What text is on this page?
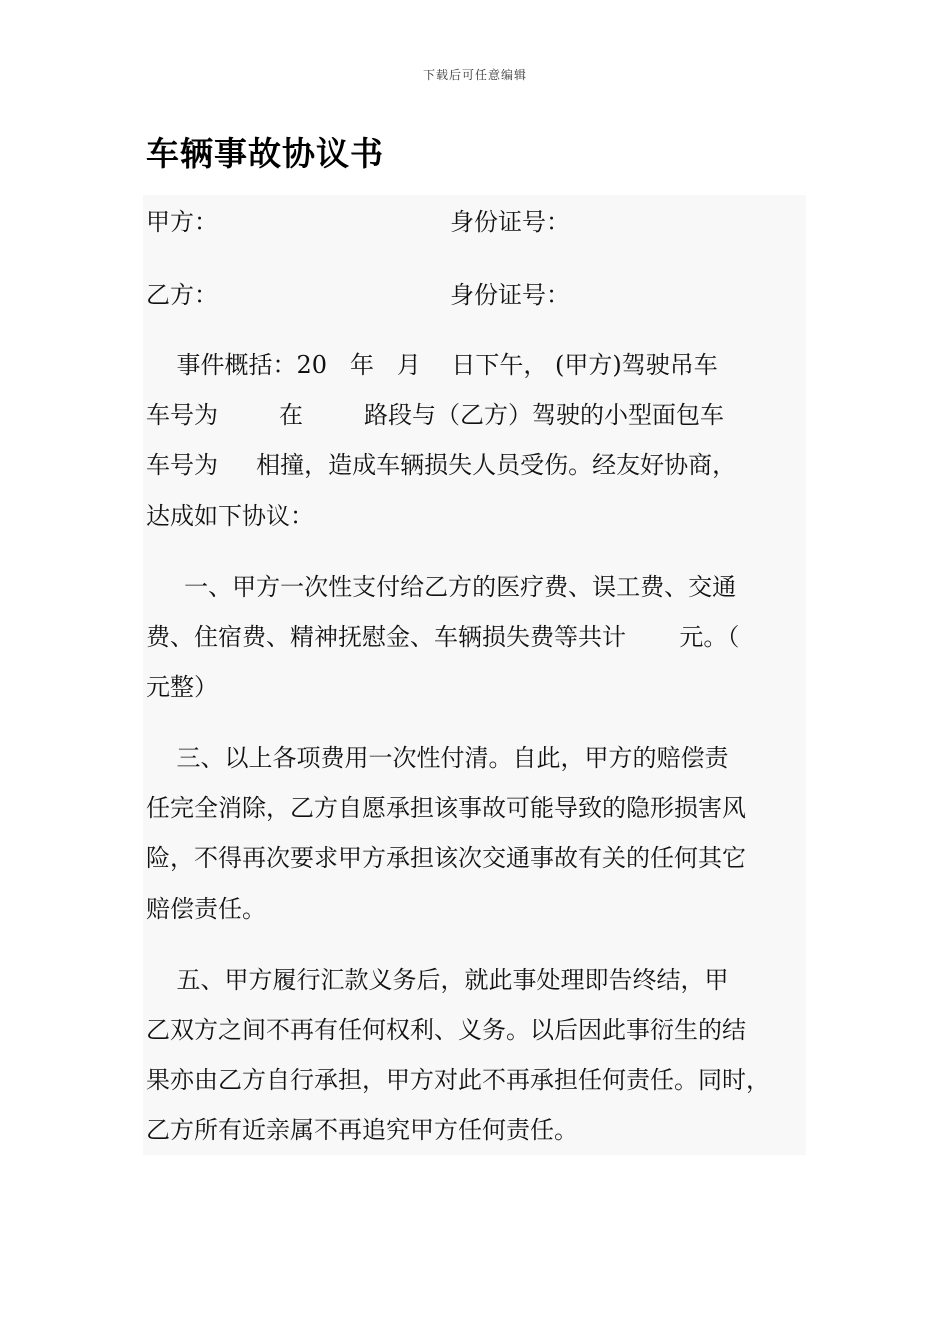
下载后可任意编辑
车辆事故协议书
甲方：	身份证号：
乙方：	身份证号：
事件概括：20   年   月    日下午， (甲方)驾驶吊车
车号为        在        路段与（乙方）驾驶的小型面包车
车号为     相撞，造成车辆损失人员受伤。经友好协商，
达成如下协议：
一、甲方一次性支付给乙方的医疗费、误工费、交通
费、住宿费、精神抚慰金、车辆损失费等共计       元。（
元整）
三、以上各项费用一次性付清。自此，甲方的赔偿责
任完全消除，乙方自愿承担该事故可能导致的隐形损害风
险，不得再次要求甲方承担该次交通事故有关的任何其它
赔偿责任。
五、甲方履行汇款义务后，就此事处理即告终结，甲
乙双方之间不再有任何权利、义务。以后因此事衍生的结
果亦由乙方自行承担，甲方对此不再承担任何责任。同时，
乙方所有近亲属不再追究甲方任何责任。
